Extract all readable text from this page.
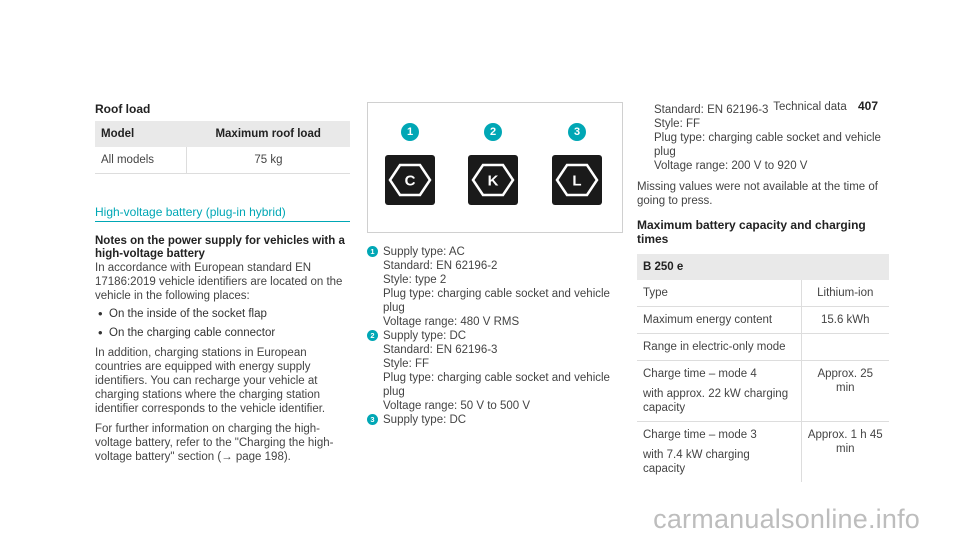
Technical data 407
Roof load
Model	Maximum roof load
All models	75 kg
High-voltage battery (plug-in hybrid)
Notes on the power supply for vehicles with a high-voltage battery

In accordance with European standard EN 17186:2019 vehicle identifiers are located on the vehicle in the following places:

• On the inside of the socket flap
• On the charging cable connector

In addition, charging stations in European countries are equipped with energy supply identifiers. You can recharge your vehicle at charging stations where the charging station identifier corresponds to the vehicle identifier.

For further information on charging the high-voltage battery, refer to the "Charging the high-voltage battery" section (→ page 198).

1
C
2
K
3
L
1 Supply type: AC
Standard: EN 62196-2
Style: type 2
Plug type: charging cable socket and vehicle plug
Voltage range: 480 V RMS
2 Supply type: DC
Standard: EN 62196-3
Style: FF
Plug type: charging cable socket and vehicle plug
Voltage range: 50 V to 500 V
3 Supply type: DC
Standard: EN 62196-3
Style: FF
Plug type: charging cable socket and vehicle plug
Voltage range: 200 V to 920 V

Missing values were not available at the time of going to press.

Maximum battery capacity and charging times
B 250 e	
Type	Lithium-ion
Maximum energy content	15.6 kWh
Range in electric-only mode	
Charge time – mode 4
with approx. 22 kW charging capacity	Approx. 25 min
Charge time – mode 3
with 7.4 kW charging capacity	Approx. 1 h 45 min
carmanualsonline.info
